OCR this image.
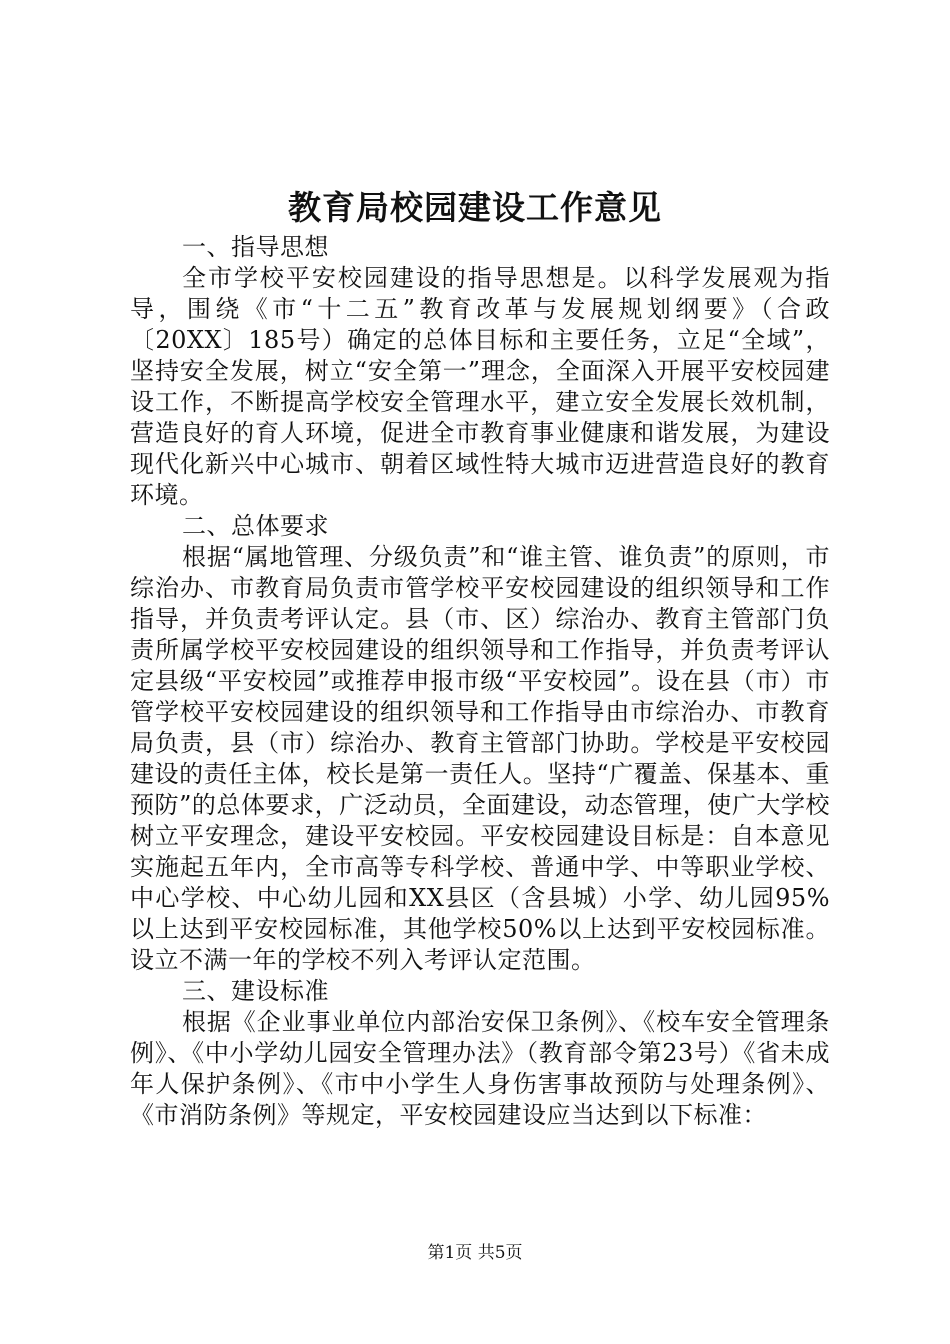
教育局校园建设工作意见

一、指导思想

全市学校平安校园建设的指导思想是。以科学发展观为指导，围绕《市“十二五”教育改革与发展规划纲要》（合政〔20XX〕185号）确定的总体目标和主要任务，立足“全域”，坚持安全发展，树立“安全第一”理念，全面深入开展平安校园建设工作，不断提高学校安全管理水平，建立安全发展长效机制，营造良好的育人环境，促进全市教育事业健康和谐发展，为建设现代化新兴中心城市、朝着区域性特大城市迈进营造良好的教育环境。

二、总体要求

根据“属地管理、分级负责”和“谁主管、谁负责”的原则，市综治办、市教育局负责市管学校平安校园建设的组织领导和工作指导，并负责考评认定。县（市、区）综治办、教育主管部门负责所属学校平安校园建设的组织领导和工作指导，并负责考评认定县级“平安校园”或推荐申报市级“平安校园”。设在县（市）市管学校平安校园建设的组织领导和工作指导由市综治办、市教育局负责，县（市）综治办、教育主管部门协助。学校是平安校园建设的责任主体，校长是第一责任人。坚持“广覆盖、保基本、重预防”的总体要求，广泛动员，全面建设，动态管理，使广大学校树立平安理念，建设平安校园。平安校园建设目标是：自本意见实施起五年内，全市高等专科学校、普通中学、中等职业学校、中心学校、中心幼儿园和XX县区（含县城）小学、幼儿园95%以上达到平安校园标准，其他学校50%以上达到平安校园标准。设立不满一年的学校不列入考评认定范围。

三、建设标准

根据《企业事业单位内部治安保卫条例》、《校车安全管理条例》、《中小学幼儿园安全管理办法》（教育部令第23号）《省未成年人保护条例》、《市中小学生人身伤害事故预防与处理条例》、《市消防条例》等规定，平安校园建设应当达到以下标准：

第1页 共5页
